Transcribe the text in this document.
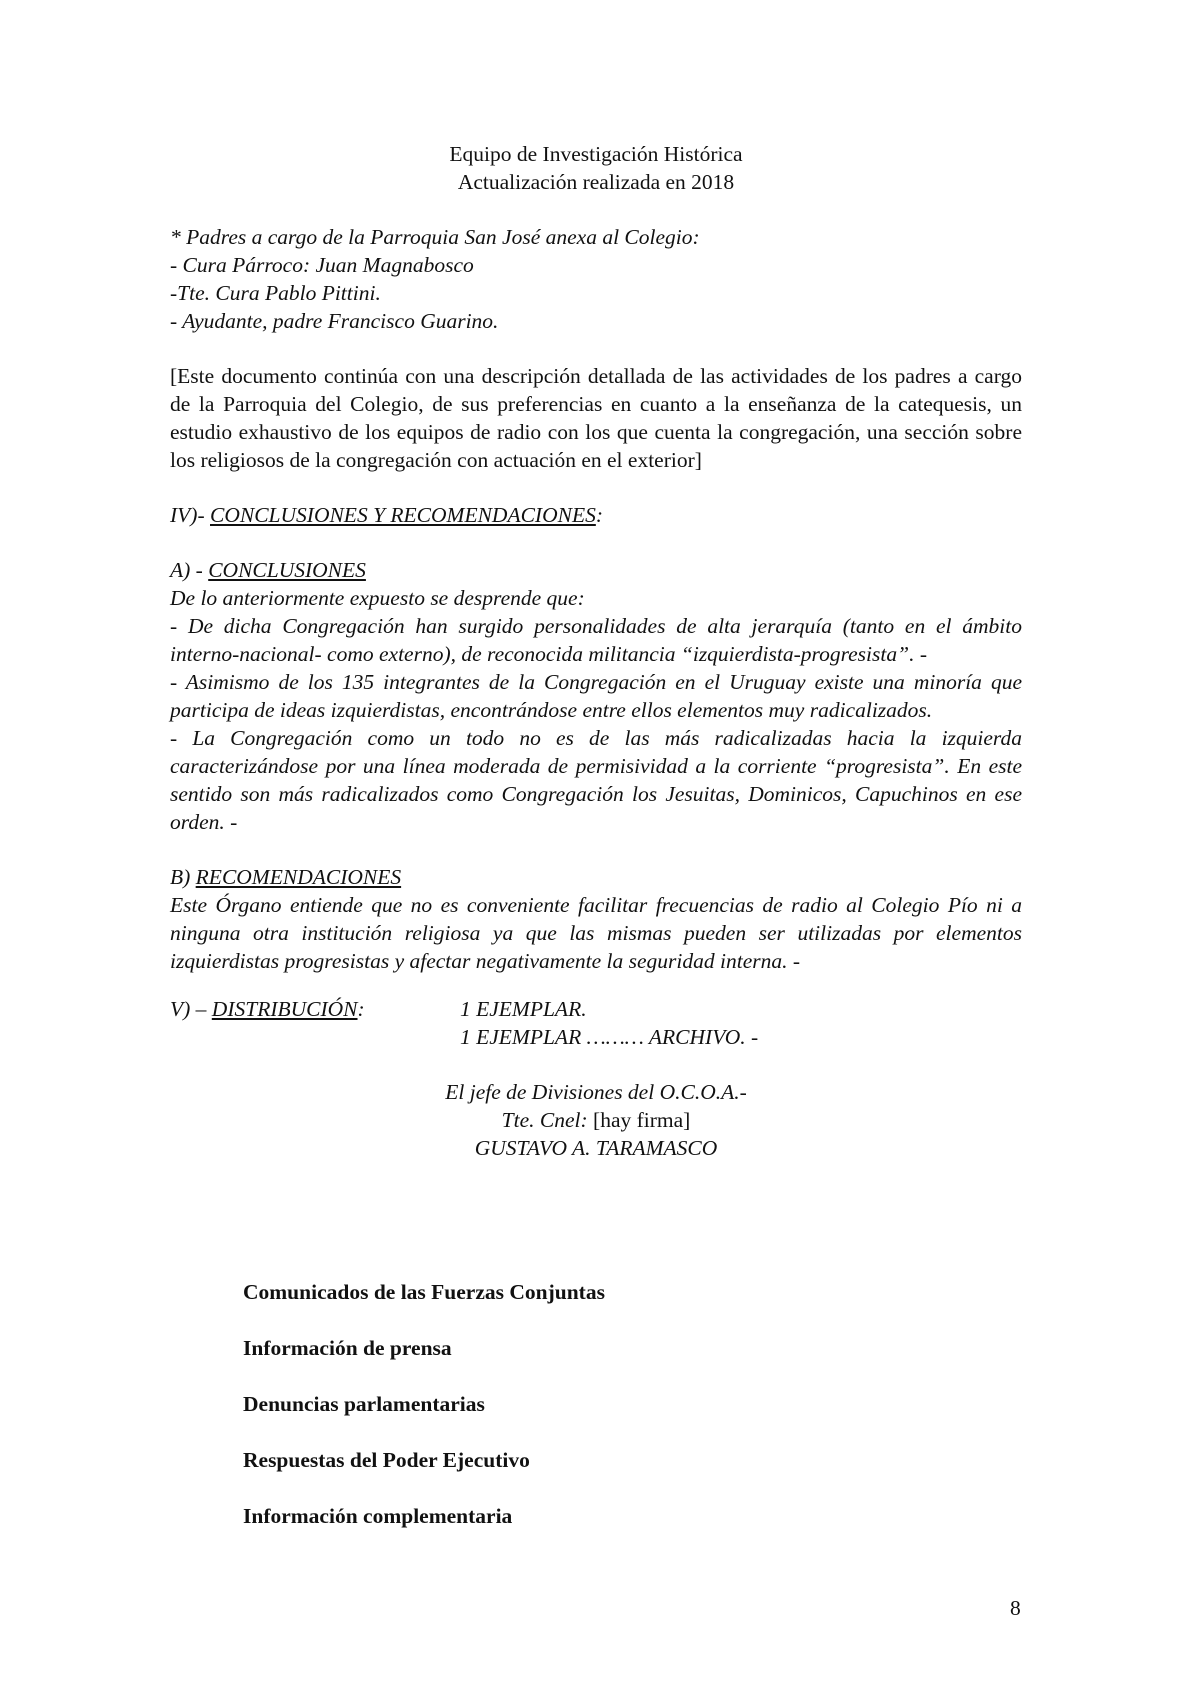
Equipo de Investigación Histórica
Actualización realizada en 2018
* Padres a cargo de la Parroquia San José anexa al Colegio:
- Cura Párroco: Juan Magnabosco
-Tte. Cura Pablo Pittini.
- Ayudante, padre Francisco Guarino.
[Este documento continúa con una descripción detallada de las actividades de los padres a cargo de la Parroquia del Colegio, de sus preferencias en cuanto a la enseñanza de la catequesis, un estudio exhaustivo de los equipos de radio con los que cuenta la congregación, una sección sobre los religiosos de la congregación con actuación en el exterior]
IV)- CONCLUSIONES Y RECOMENDACIONES:
A) - CONCLUSIONES
De lo anteriormente expuesto se desprende que:
- De dicha Congregación han surgido personalidades de alta jerarquía (tanto en el ámbito interno-nacional- como externo), de reconocida militancia “izquierdista-progresista”. -
- Asimismo de los 135 integrantes de la Congregación en el Uruguay existe una minoría que participa de ideas izquierdistas, encontrándose entre ellos elementos muy radicalizados.
- La Congregación como un todo no es de las más radicalizadas hacia la izquierda caracterizándose por una línea moderada de permisividad a la corriente “progresista”. En este sentido son más radicalizados como Congregación los Jesuitas, Dominicos, Capuchinos en ese orden. -
B) RECOMENDACIONES
Este Órgano entiende que no es conveniente facilitar frecuencias de radio al Colegio Pío ni a ninguna otra institución religiosa ya que las mismas pueden ser utilizadas por elementos izquierdistas progresistas y afectar negativamente la seguridad interna. -
V) – DISTRIBUCIÓN:	1 EJEMPLAR.
1 EJEMPLAR ……… ARCHIVO. -
El jefe de Divisiones del O.C.O.A.-
Tte. Cnel: [hay firma]
GUSTAVO A. TARAMASCO
Comunicados de las Fuerzas Conjuntas
Información de prensa
Denuncias parlamentarias
Respuestas del Poder Ejecutivo
Información complementaria
8
